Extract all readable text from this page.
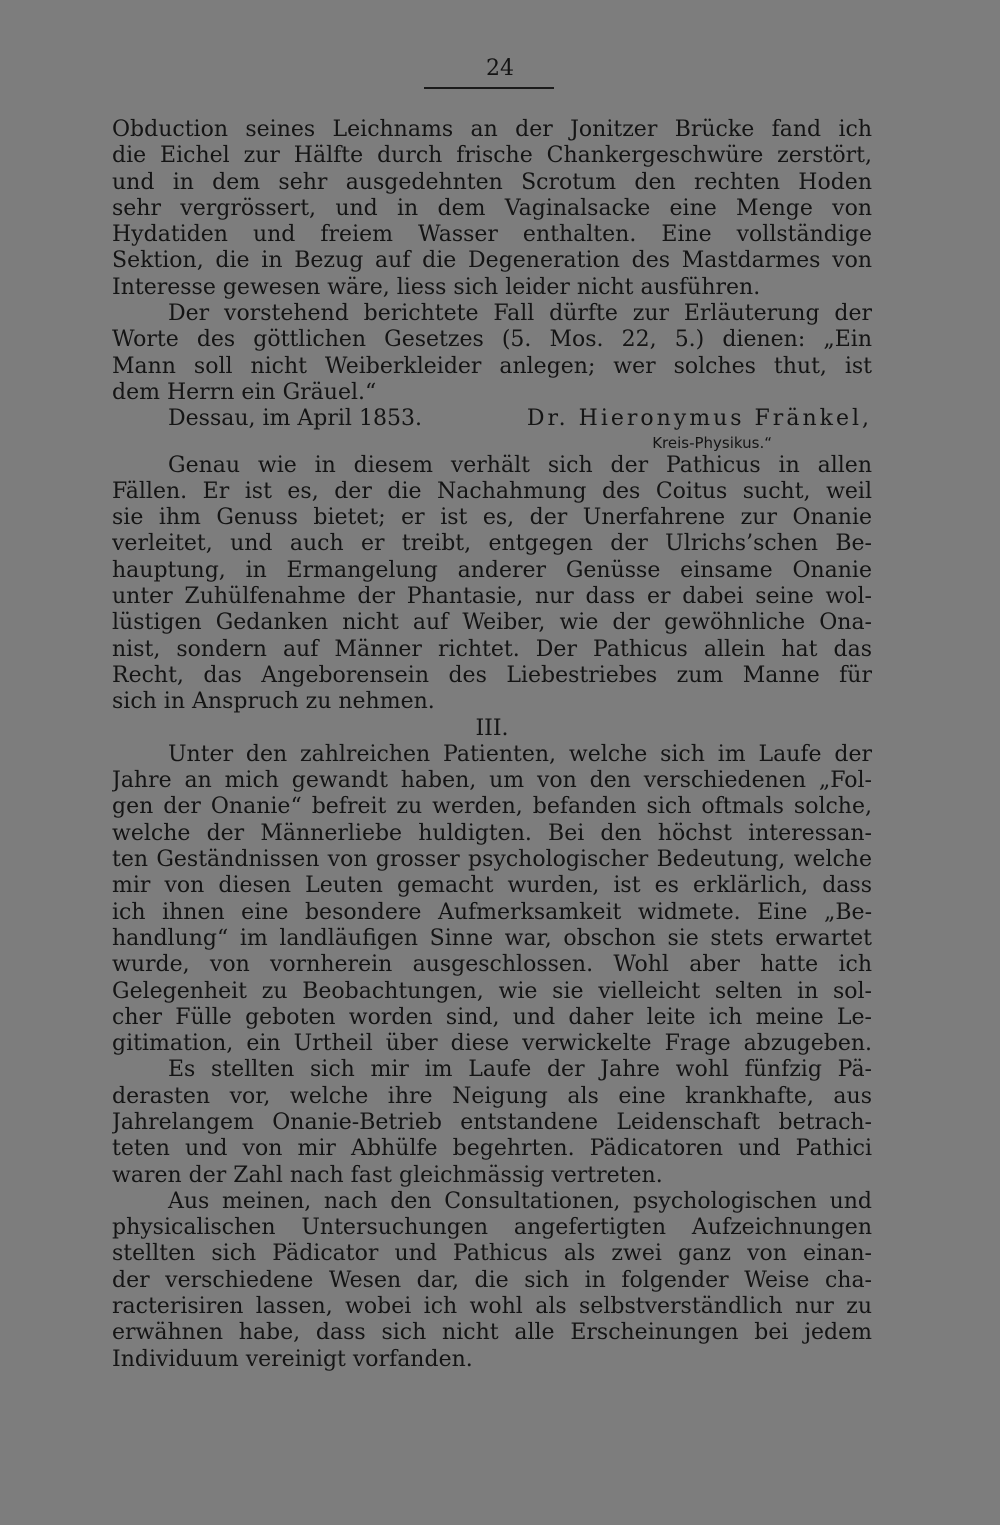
24
Obduction seines Leichnams an der Jonitzer Brücke fand ich
die Eichel zur Hälfte durch frische Chankergeschwüre zerstört,
und in dem sehr ausgedehnten Scrotum den rechten Hoden
sehr vergrössert, und in dem Vaginalsacke eine Menge von
Hydatiden und freiem Wasser enthalten. Eine vollständige
Sektion, die in Bezug auf die Degeneration des Mastdarmes von
Interesse gewesen wäre, liess sich leider nicht ausführen.
Der vorstehend berichtete Fall dürfte zur Erläuterung der
Worte des göttlichen Gesetzes (5. Mos. 22, 5.) dienen: „Ein
Mann soll nicht Weiberkleider anlegen; wer solches thut, ist
dem Herrn ein Gräuel.“
Dessau, im April 1853.	Dr. Hieronymus Fränkel,
Kreis-Physikus.“
Genau wie in diesem verhält sich der Pathicus in allen
Fällen. Er ist es, der die Nachahmung des Coitus sucht, weil
sie ihm Genuss bietet; er ist es, der Unerfahrene zur Onanie
verleitet, und auch er treibt, entgegen der Ulrichs’schen Be-
hauptung, in Ermangelung anderer Genüsse einsame Onanie
unter Zuhülfenahme der Phantasie, nur dass er dabei seine wol-
lüstigen Gedanken nicht auf Weiber, wie der gewöhnliche Ona-
nist, sondern auf Männer richtet. Der Pathicus allein hat das
Recht, das Angeborensein des Liebestriebes zum Manne für
sich in Anspruch zu nehmen.
III.
Unter den zahlreichen Patienten, welche sich im Laufe der
Jahre an mich gewandt haben, um von den verschiedenen „Fol-
gen der Onanie“ befreit zu werden, befanden sich oftmals solche,
welche der Männerliebe huldigten. Bei den höchst interessan-
ten Geständnissen von grosser psychologischer Bedeutung, welche
mir von diesen Leuten gemacht wurden, ist es erklärlich, dass
ich ihnen eine besondere Aufmerksamkeit widmete. Eine „Be-
handlung“ im landläufigen Sinne war, obschon sie stets erwartet
wurde, von vornherein ausgeschlossen. Wohl aber hatte ich
Gelegenheit zu Beobachtungen, wie sie vielleicht selten in sol-
cher Fülle geboten worden sind, und daher leite ich meine Le-
gitimation, ein Urtheil über diese verwickelte Frage abzugeben.
Es stellten sich mir im Laufe der Jahre wohl fünfzig Pä-
derasten vor, welche ihre Neigung als eine krankhafte, aus
Jahrelangem Onanie-Betrieb entstandene Leidenschaft betrach-
teten und von mir Abhülfe begehrten. Pädicatoren und Pathici
waren der Zahl nach fast gleichmässig vertreten.
Aus meinen, nach den Consultationen, psychologischen und
physicalischen Untersuchungen angefertigten Aufzeichnungen
stellten sich Pädicator und Pathicus als zwei ganz von einan-
der verschiedene Wesen dar, die sich in folgender Weise cha-
racterisiren lassen, wobei ich wohl als selbstverständlich nur zu
erwähnen habe, dass sich nicht alle Erscheinungen bei jedem
Individuum vereinigt vorfanden.
